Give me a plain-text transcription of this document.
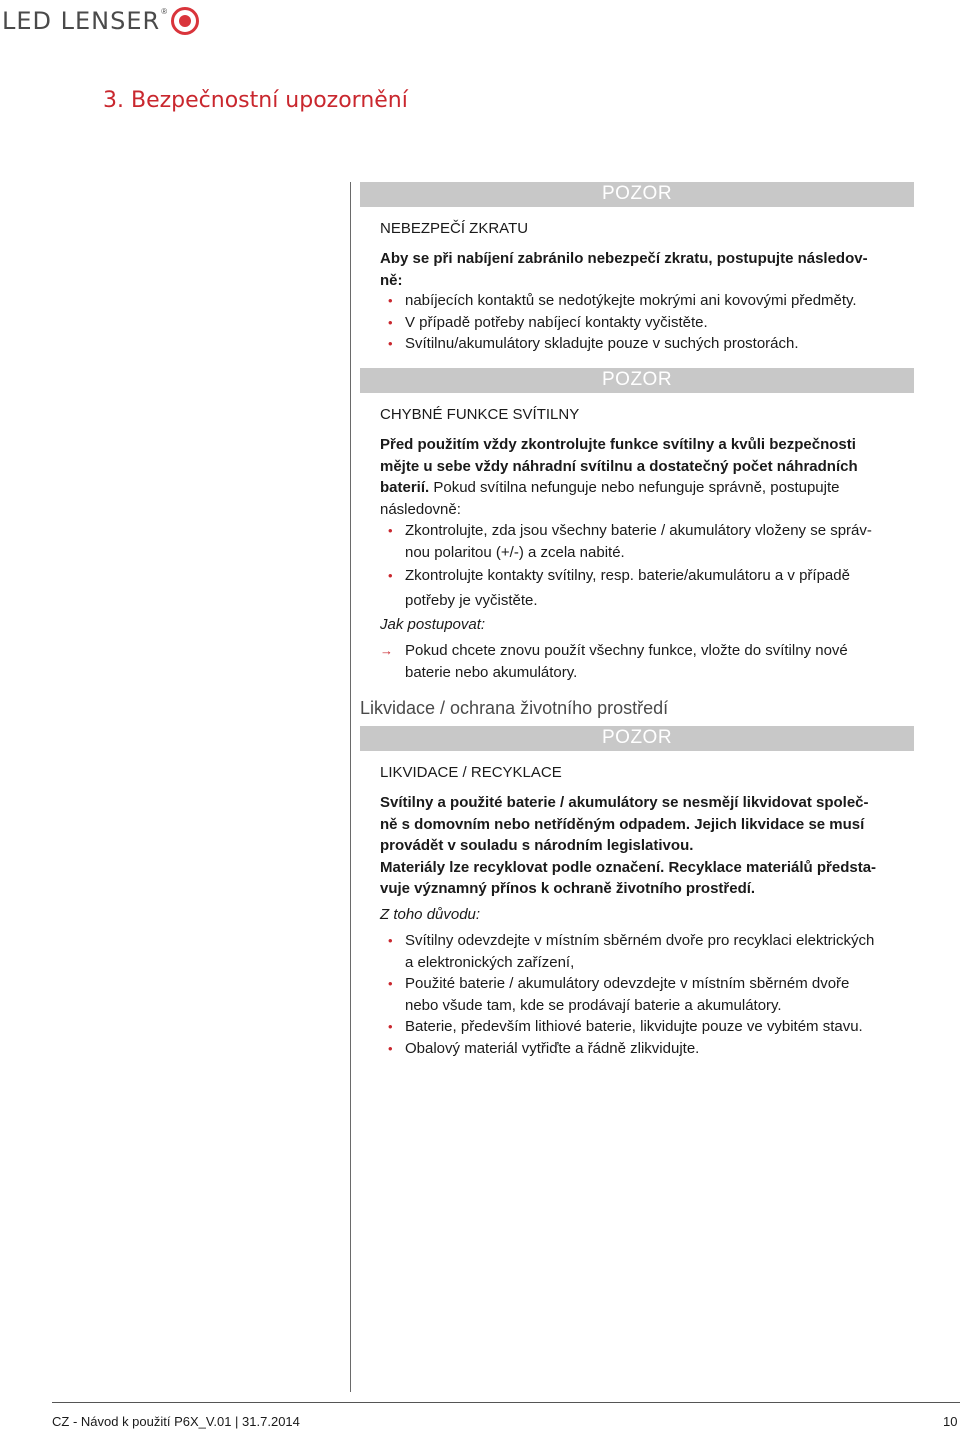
LED LENSER ®
3. Bezpečnostní upozornění
POZOR
NEBEZPEČÍ ZKRATU
Aby se při nabíjení zabránilo nebezpečí zkratu, postupujte následov-
ně:
• nabíjecích kontaktů se nedotýkejte mokrými ani kovovými předměty.
• V případě potřeby nabíjecí kontakty vyčistěte.
• Svítilnu/akumulátory skladujte pouze v suchých prostorách.
POZOR
CHYBNÉ FUNKCE SVÍTILNY
Před použitím vždy zkontrolujte funkce svítilny a kvůli bezpečnosti
mějte u sebe vždy náhradní svítilnu a dostatečný počet náhradních
baterií. Pokud svítilna nefunguje nebo nefunguje správně, postupujte
následovně:
• Zkontrolujte, zda jsou všechny baterie / akumulátory vloženy se správ-
nou polaritou (+/-) a zcela nabité.
• Zkontrolujte kontakty svítilny, resp. baterie/akumulátoru a v případě
potřeby je vyčistěte.
Jak postupovat:
→ Pokud chcete znovu použít všechny funkce, vložte do svítilny nové
baterie nebo akumulátory.
Likvidace / ochrana životního prostředí
POZOR
LIKVIDACE / RECYKLACE
Svítilny a použité baterie / akumulátory se nesmějí likvidovat společ-
ně s domovním nebo netříděným odpadem. Jejich likvidace se musí
provádět v souladu s národním legislativou.
Materiály lze recyklovat podle označení. Recyklace materiálů předsta-
vuje významný přínos k ochraně životního prostředí.
Z toho důvodu:
• Svítilny odevzdejte v místním sběrném dvoře pro recyklaci elektrických
a elektronických zařízení,
• Použité baterie / akumulátory odevzdejte v místním sběrném dvoře
nebo všude tam, kde se prodávají baterie a akumulátory.
• Baterie, především lithiové baterie, likvidujte pouze ve vybitém stavu.
• Obalový materiál vytřiďte a řádně zlikvidujte.
CZ - Návod k použití P6X_V.01 | 31.7.2014	10
